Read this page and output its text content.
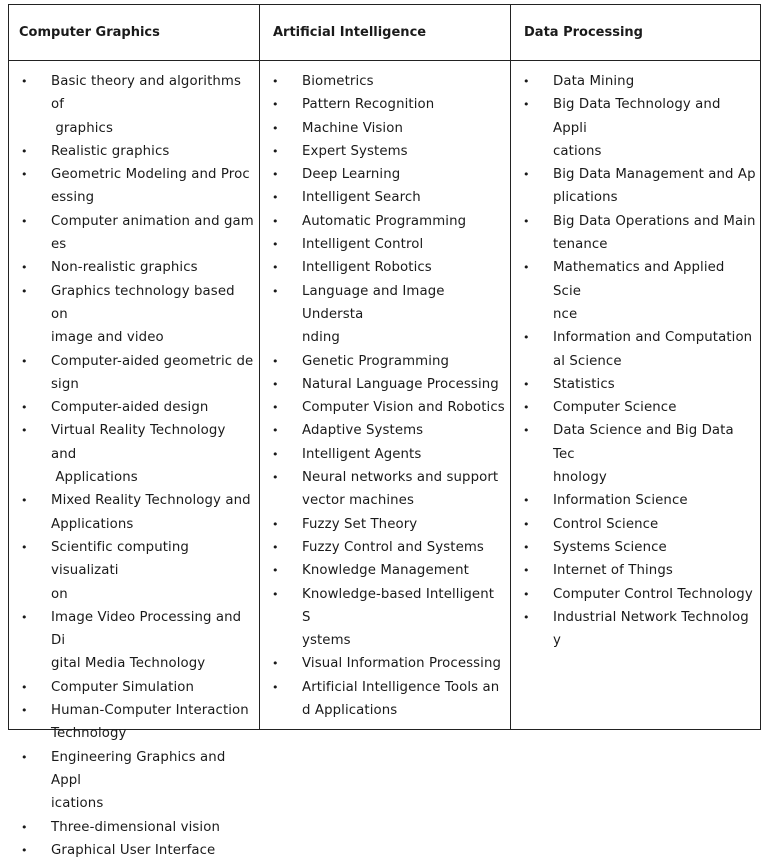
Computer Graphics
• Basic theory and algorithms of
graphics
• Realistic graphics
• Geometric Modeling and Proc
essing
• Computer animation and gam
es
• Non-realistic graphics
• Graphics technology based on
image and video
• Computer-aided geometric de
sign
• Computer-aided design
• Virtual Reality Technology and
Applications
• Mixed Reality Technology and
Applications
• Scientific computing visualizati
on
• Image Video Processing and Di
gital Media Technology
• Computer Simulation
• Human-Computer Interaction
Technology
• Engineering Graphics and Appl
ications
• Three-dimensional vision
• Graphical User Interface
Artificial Intelligence
• Biometrics
• Pattern Recognition
• Machine Vision
• Expert Systems
• Deep Learning
• Intelligent Search
• Automatic Programming
• Intelligent Control
• Intelligent Robotics
• Language and Image Understa
nding
• Genetic Programming
• Natural Language Processing
• Computer Vision and Robotics
• Adaptive Systems
• Intelligent Agents
• Neural networks and support
vector machines
• Fuzzy Set Theory
• Fuzzy Control and Systems
• Knowledge Management
• Knowledge-based Intelligent S
ystems
• Visual Information Processing
• Artificial Intelligence Tools an
d Applications
Data Processing
• Data Mining
• Big Data Technology and Appli
cations
• Big Data Management and Ap
plications
• Big Data Operations and Main
tenance
• Mathematics and Applied Scie
nce
• Information and Computation
al Science
• Statistics
• Computer Science
• Data Science and Big Data Tec
hnology
• Information Science
• Control Science
• Systems Science
• Internet of Things
• Computer Control Technology
• Industrial Network Technolog
y
